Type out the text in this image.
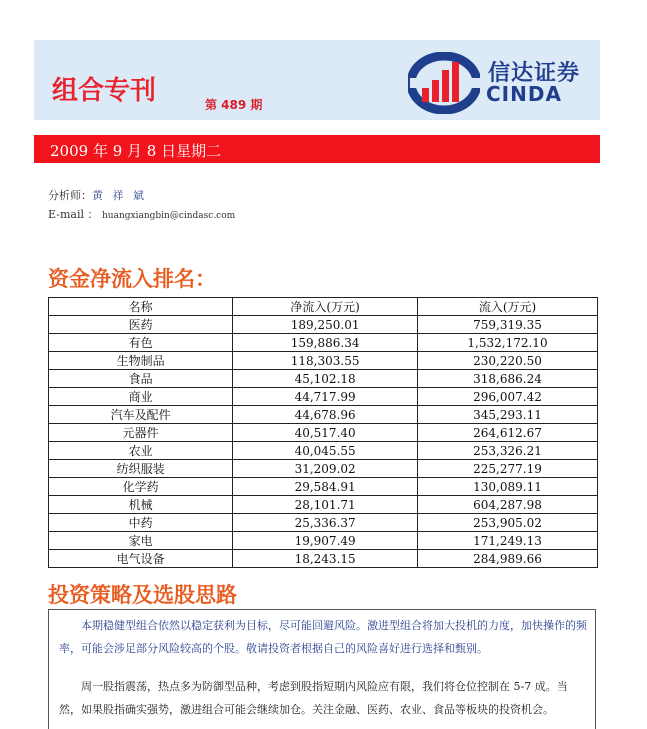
组合专刊	第 489 期
信达证券
CINDA
2009 年 9 月 8 日星期二
分析师：黄 祥 斌
E-mail ： huangxiangbin@cindasc.com
资金净流入排名：
名称	净流入(万元)	流入(万元)
医药	189,250.01	759,319.35
有色	159,886.34	1,532,172.10
生物制品	118,303.55	230,220.50
食品	45,102.18	318,686.24
商业	44,717.99	296,007.42
汽车及配件	44,678.96	345,293.11
元器件	40,517.40	264,612.67
农业	40,045.55	253,326.21
纺织服装	31,209.02	225,277.19
化学药	29,584.91	130,089.11
机械	28,101.71	604,287.98
中药	25,336.37	253,905.02
家电	19,907.49	171,249.13
电气设备	18,243.15	284,989.66
投资策略及选股思路

本期稳健型组合依然以稳定获利为目标，尽可能回避风险。激进型组合将加大投机的力度，加快操作的频率，可能会涉足部分风险较高的个股。敬请投资者根据自己的风险喜好进行选择和甄别。

周一股指震荡，热点多为防御型品种，考虑到股指短期内风险应有限，我们将仓位控制在 5-7 成。当然，如果股指确实强势，激进组合可能会继续加仓。关注金融、医药、农业、食品等板块的投资机会。
